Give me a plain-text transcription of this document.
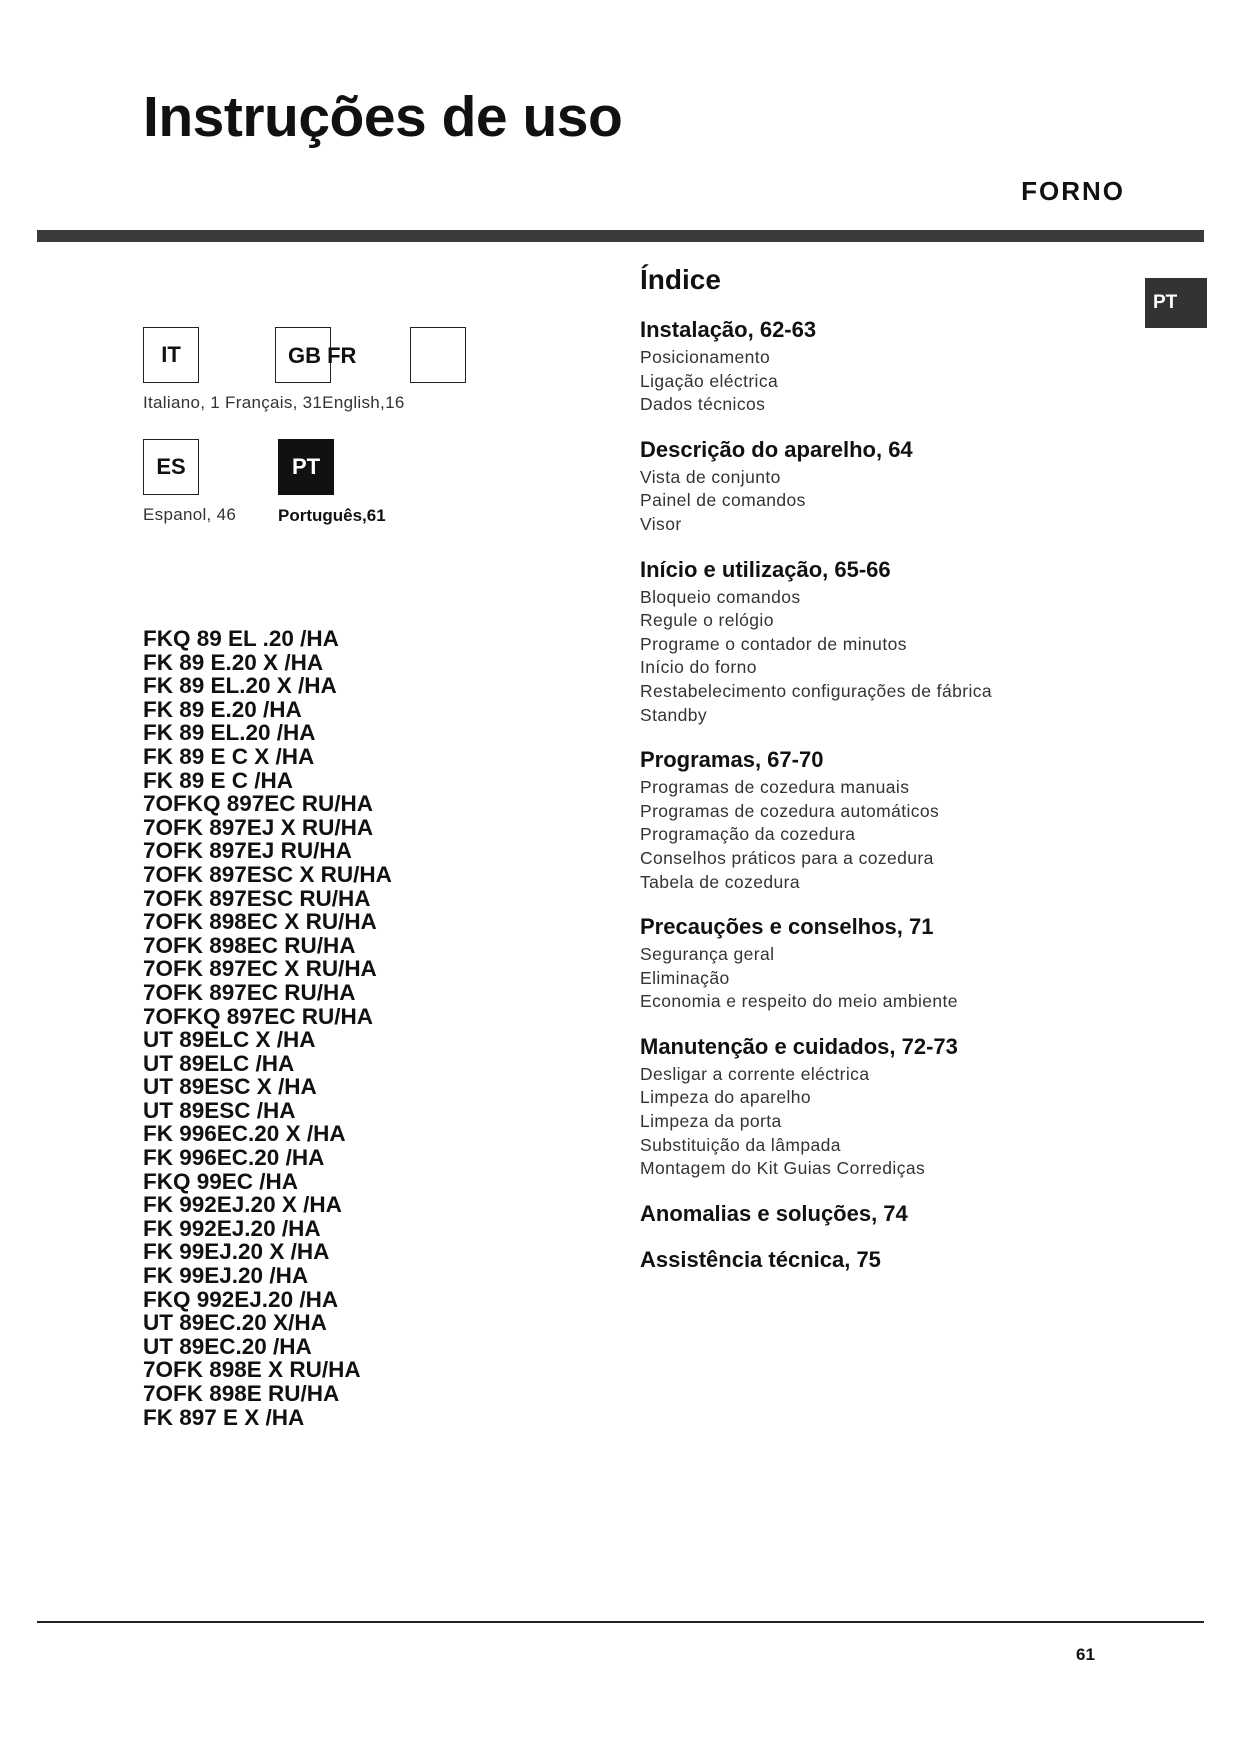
Instruções de uso
FORNO
PT
IT	GB FR
Italiano, 1 Français, 31English,16
ES	PT
Espanol, 46 Português,61
FKQ 89 EL .20 /HA
FK 89 E.20 X /HA
FK 89 EL.20 X /HA
FK 89 E.20 /HA
FK 89 EL.20 /HA
FK 89 E C X /HA
FK 89 E C /HA
7OFKQ 897EC RU/HA
7OFK 897EJ X RU/HA
7OFK 897EJ RU/HA
7OFK 897ESC X RU/HA
7OFK 897ESC RU/HA
7OFK 898EC X RU/HA
7OFK 898EC RU/HA
7OFK 897EC X RU/HA
7OFK 897EC RU/HA
7OFKQ 897EC RU/HA
UT 89ELC X /HA
UT 89ELC /HA
UT 89ESC X /HA
UT 89ESC /HA
FK 996EC.20 X /HA
FK 996EC.20 /HA
FKQ 99EC /HA
FK 992EJ.20 X /HA
FK 992EJ.20 /HA
FK 99EJ.20 X /HA
FK 99EJ.20 /HA
FKQ 992EJ.20 /HA
UT 89EC.20 X/HA
UT 89EC.20 /HA
7OFK 898E X RU/HA
7OFK 898E RU/HA
FK 897 E X /HA
Índice
Instalação, 62-63
Posicionamento
Ligação eléctrica
Dados técnicos
Descrição do aparelho, 64
Vista de conjunto
Painel de comandos
Visor
Início e utilização, 65-66
Bloqueio comandos
Regule o relógio
Programe o contador de minutos
Início do forno
Restabelecimento configurações de fábrica
Standby
Programas, 67-70
Programas de cozedura manuais
Programas de cozedura automáticos
Programação da cozedura
Conselhos práticos para a cozedura
Tabela de cozedura
Precauções e conselhos, 71
Segurança geral
Eliminação
Economia e respeito do meio ambiente
Manutenção e cuidados, 72-73
Desligar a corrente eléctrica
Limpeza do aparelho
Limpeza da porta
Substituição da lâmpada
Montagem do Kit Guias Corrediças
Anomalias e soluções, 74
Assistência técnica, 75
61
